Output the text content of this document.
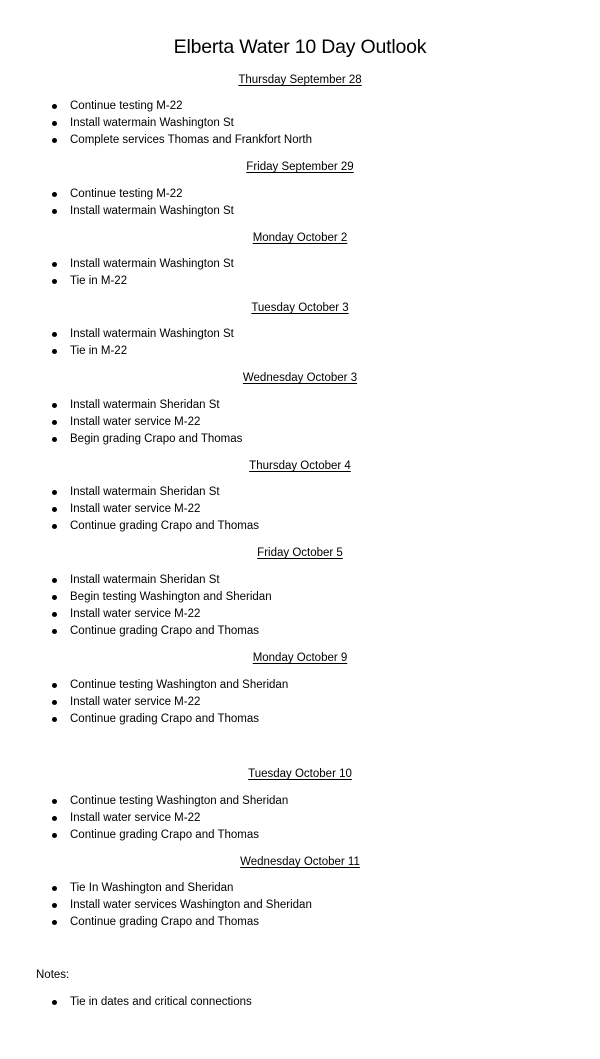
Elberta Water 10 Day Outlook
Thursday September 28
Continue testing M-22
Install watermain Washington St
Complete services Thomas and Frankfort North
Friday September 29
Continue testing M-22
Install watermain Washington St
Monday October 2
Install watermain Washington St
Tie in M-22
Tuesday October 3
Install watermain Washington St
Tie in M-22
Wednesday October 3
Install watermain Sheridan St
Install water service M-22
Begin grading Crapo and Thomas
Thursday October 4
Install watermain Sheridan St
Install water service M-22
Continue grading Crapo and Thomas
Friday October 5
Install watermain Sheridan St
Begin testing Washington and Sheridan
Install water service M-22
Continue grading Crapo and Thomas
Monday October 9
Continue testing Washington and Sheridan
Install water service M-22
Continue grading Crapo and Thomas
Tuesday October 10
Continue testing Washington and Sheridan
Install water service M-22
Continue grading Crapo and Thomas
Wednesday October 11
Tie In Washington and Sheridan
Install water services Washington and Sheridan
Continue grading Crapo and Thomas
Notes:
Tie in dates and critical connections
